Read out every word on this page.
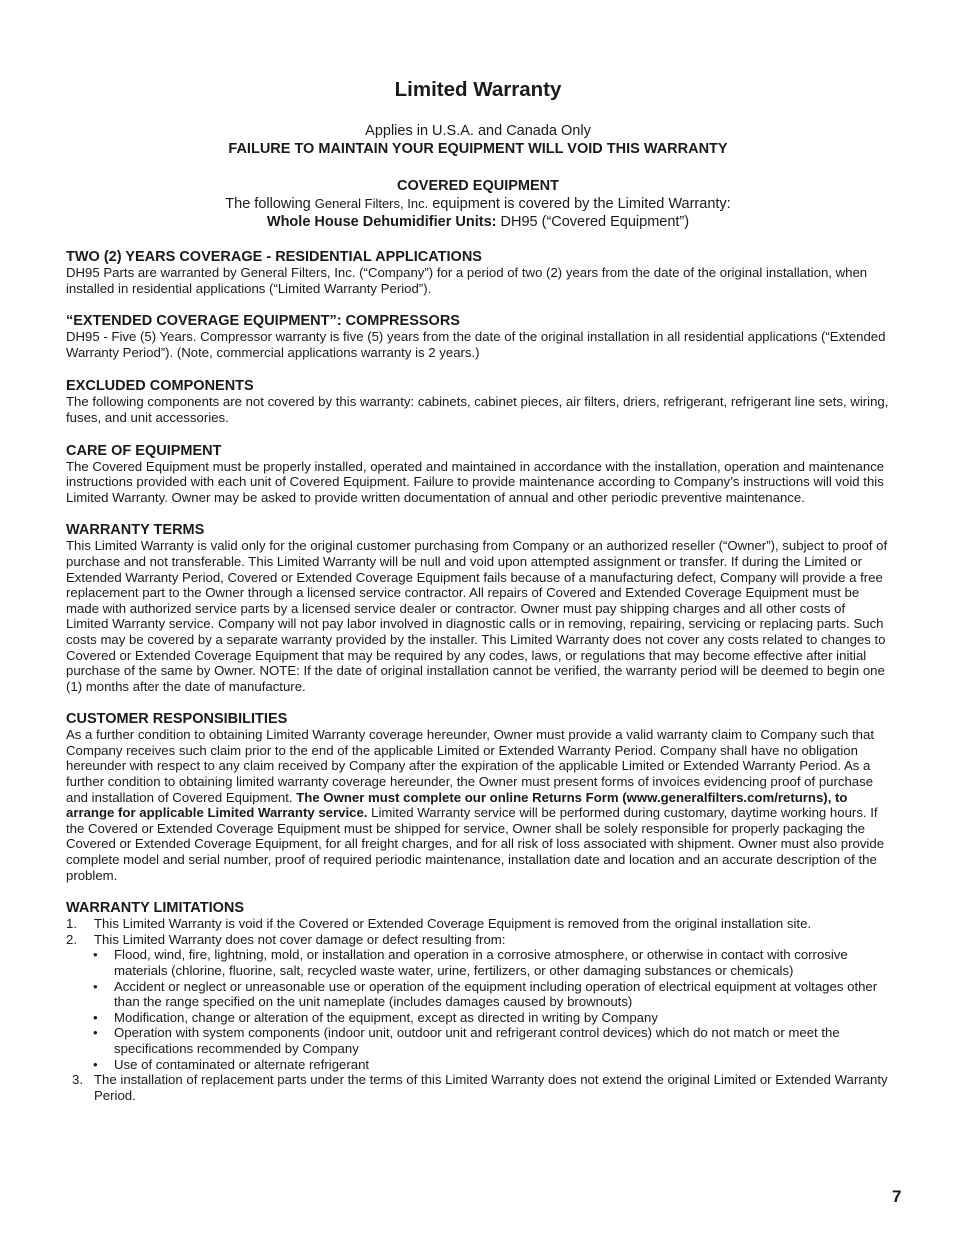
Limited Warranty
Applies in U.S.A. and Canada Only
FAILURE TO MAINTAIN YOUR EQUIPMENT WILL VOID THIS WARRANTY
COVERED EQUIPMENT
The following General Filters, Inc. equipment is covered by the Limited Warranty:
Whole House Dehumidifier Units: DH95 (“Covered Equipment”)
TWO (2) YEARS COVERAGE - RESIDENTIAL APPLICATIONS

DH95 Parts are warranted by General Filters, Inc. (“Company”) for a period of two (2) years from the date of the original installation, when installed in residential applications (“Limited Warranty Period”).

“EXTENDED COVERAGE EQUIPMENT”: COMPRESSORS

DH95 - Five (5) Years. Compressor warranty is five (5) years from the date of the original installation in all residential applications (“Extended Warranty Period”). (Note, commercial applications warranty is 2 years.)

EXCLUDED COMPONENTS

The following components are not covered by this warranty: cabinets, cabinet pieces, air filters, driers, refrigerant, refrigerant line sets, wiring, fuses, and unit accessories.

CARE OF EQUIPMENT

The Covered Equipment must be properly installed, operated and maintained in accordance with the installation, operation and maintenance instructions provided with each unit of Covered Equipment. Failure to provide maintenance according to Company’s instructions will void this Limited Warranty. Owner may be asked to provide written documentation of annual and other periodic preventive maintenance.

WARRANTY TERMS

This Limited Warranty is valid only for the original customer purchasing from Company or an authorized reseller (“Owner”), subject to proof of purchase and not transferable. This Limited Warranty will be null and void upon attempted assignment or transfer. If during the Limited or Extended Warranty Period, Covered or Extended Coverage Equipment fails because of a manufacturing defect, Company will provide a free replacement part to the Owner through a licensed service contractor. All repairs of Covered and Extended Coverage Equipment must be made with authorized service parts by a licensed service dealer or contractor. Owner must pay shipping charges and all other costs of Limited Warranty service. Company will not pay labor involved in diagnostic calls or in removing, repairing, servicing or replacing parts. Such costs may be covered by a separate warranty provided by the installer. This Limited Warranty does not cover any costs related to changes to Covered or Extended Coverage Equipment that may be required by any codes, laws, or regulations that may become effective after initial purchase of the same by Owner. NOTE: If the date of original installation cannot be verified, the warranty period will be deemed to begin one (1) months after the date of manufacture.

CUSTOMER RESPONSIBILITIES

As a further condition to obtaining Limited Warranty coverage hereunder, Owner must provide a valid warranty claim to Company such that Company receives such claim prior to the end of the applicable Limited or Extended Warranty Period. Company shall have no obligation hereunder with respect to any claim received by Company after the expiration of the applicable Limited or Extended Warranty Period. As a further condition to obtaining limited warranty coverage hereunder, the Owner must present forms of invoices evidencing proof of purchase and installation of Covered Equipment. The Owner must complete our online Returns Form (www.generalfilters.com/returns), to arrange for applicable Limited Warranty service. Limited Warranty service will be performed during customary, daytime working hours. If the Covered or Extended Coverage Equipment must be shipped for service, Owner shall be solely responsible for properly packaging the Covered or Extended Coverage Equipment, for all freight charges, and for all risk of loss associated with shipment. Owner must also provide complete model and serial number, proof of required periodic maintenance, installation date and location and an accurate description of the problem.

WARRANTY LIMITATIONS
1. This Limited Warranty is void if the Covered or Extended Coverage Equipment is removed from the original installation site.
2. This Limited Warranty does not cover damage or defect resulting from:
• Flood, wind, fire, lightning, mold, or installation and operation in a corrosive atmosphere, or otherwise in contact with corrosive materials (chlorine, fluorine, salt, recycled waste water, urine, fertilizers, or other damaging substances or chemicals)
• Accident or neglect or unreasonable use or operation of the equipment including operation of electrical equipment at voltages other than the range specified on the unit nameplate (includes damages caused by brownouts)
• Modification, change or alteration of the equipment, except as directed in writing by Company
• Operation with system components (indoor unit, outdoor unit and refrigerant control devices) which do not match or meet the specifications recommended by Company
• Use of contaminated or alternate refrigerant
3. The installation of replacement parts under the terms of this Limited Warranty does not extend the original Limited or Extended Warranty Period.
7
